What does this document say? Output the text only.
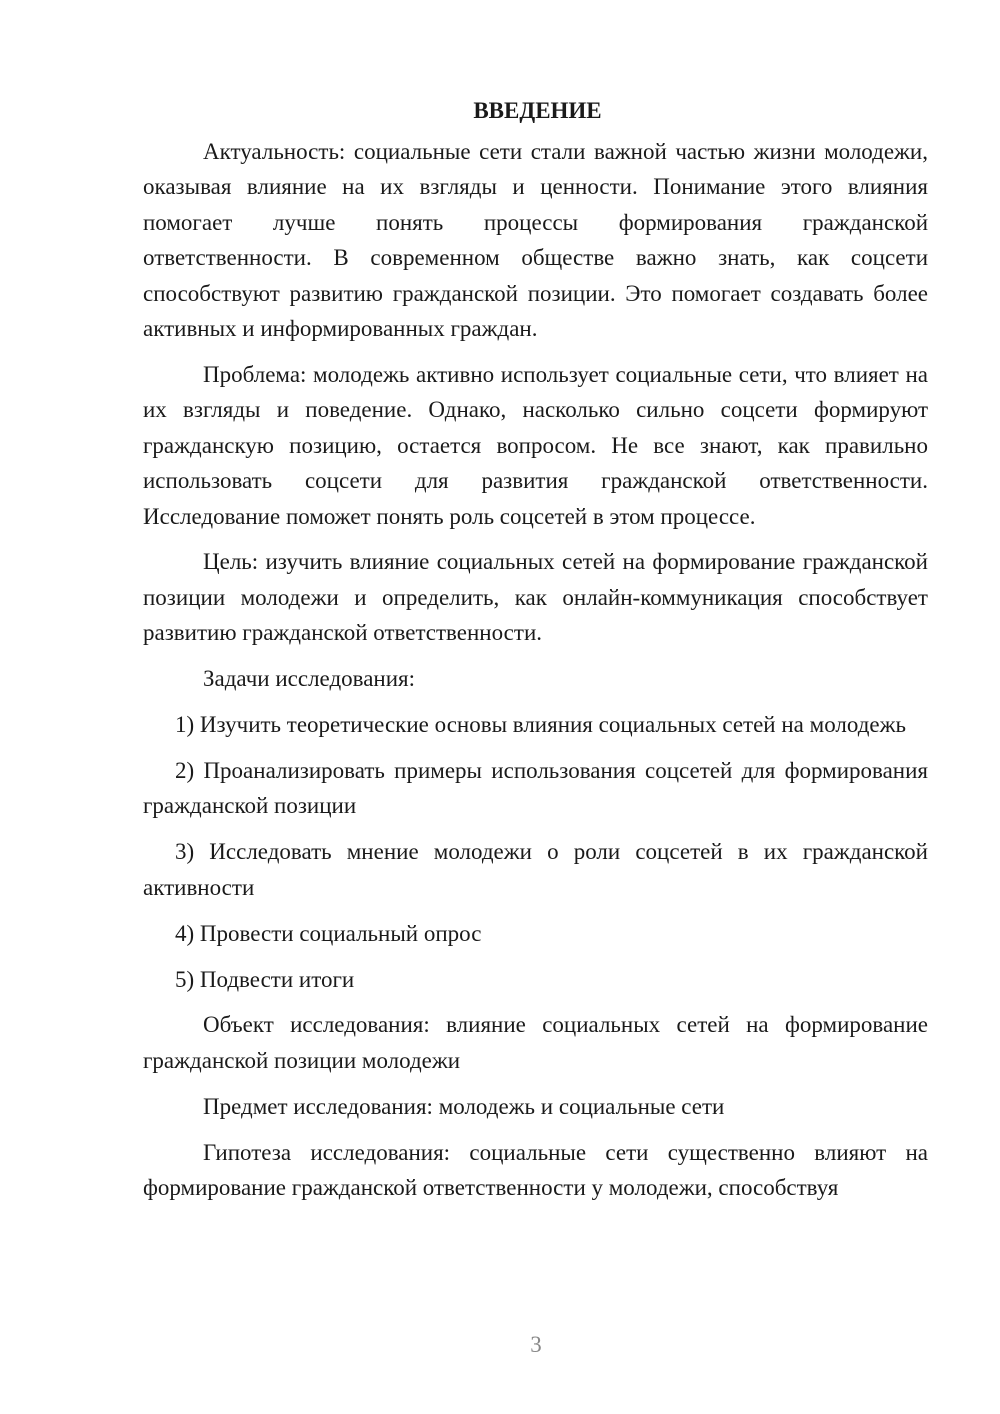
ВВЕДЕНИЕ

Актуальность: социальные сети стали важной частью жизни молодежи, оказывая влияние на их взгляды и ценности. Понимание этого влияния помогает лучше понять процессы формирования гражданской ответственности. В современном обществе важно знать, как соцсети способствуют развитию гражданской позиции. Это помогает создавать более активных и информированных граждан.

Проблема: молодежь активно использует социальные сети, что влияет на их взгляды и поведение. Однако, насколько сильно соцсети формируют гражданскую позицию, остается вопросом. Не все знают, как правильно использовать соцсети для развития гражданской ответственности. Исследование поможет понять роль соцсетей в этом процессе.

Цель: изучить влияние социальных сетей на формирование гражданской позиции молодежи и определить, как онлайн-коммуникация способствует развитию гражданской ответственности.

Задачи исследования:

1) Изучить теоретические основы влияния социальных сетей на молодежь

2) Проанализировать примеры использования соцсетей для формирования гражданской позиции

3) Исследовать мнение молодежи о роли соцсетей в их гражданской активности

4) Провести социальный опрос

5) Подвести итоги

Объект исследования: влияние социальных сетей на формирование гражданской позиции молодежи

Предмет исследования: молодежь и социальные сети

Гипотеза исследования: социальные сети существенно влияют на формирование гражданской ответственности у молодежи, способствуя

3
